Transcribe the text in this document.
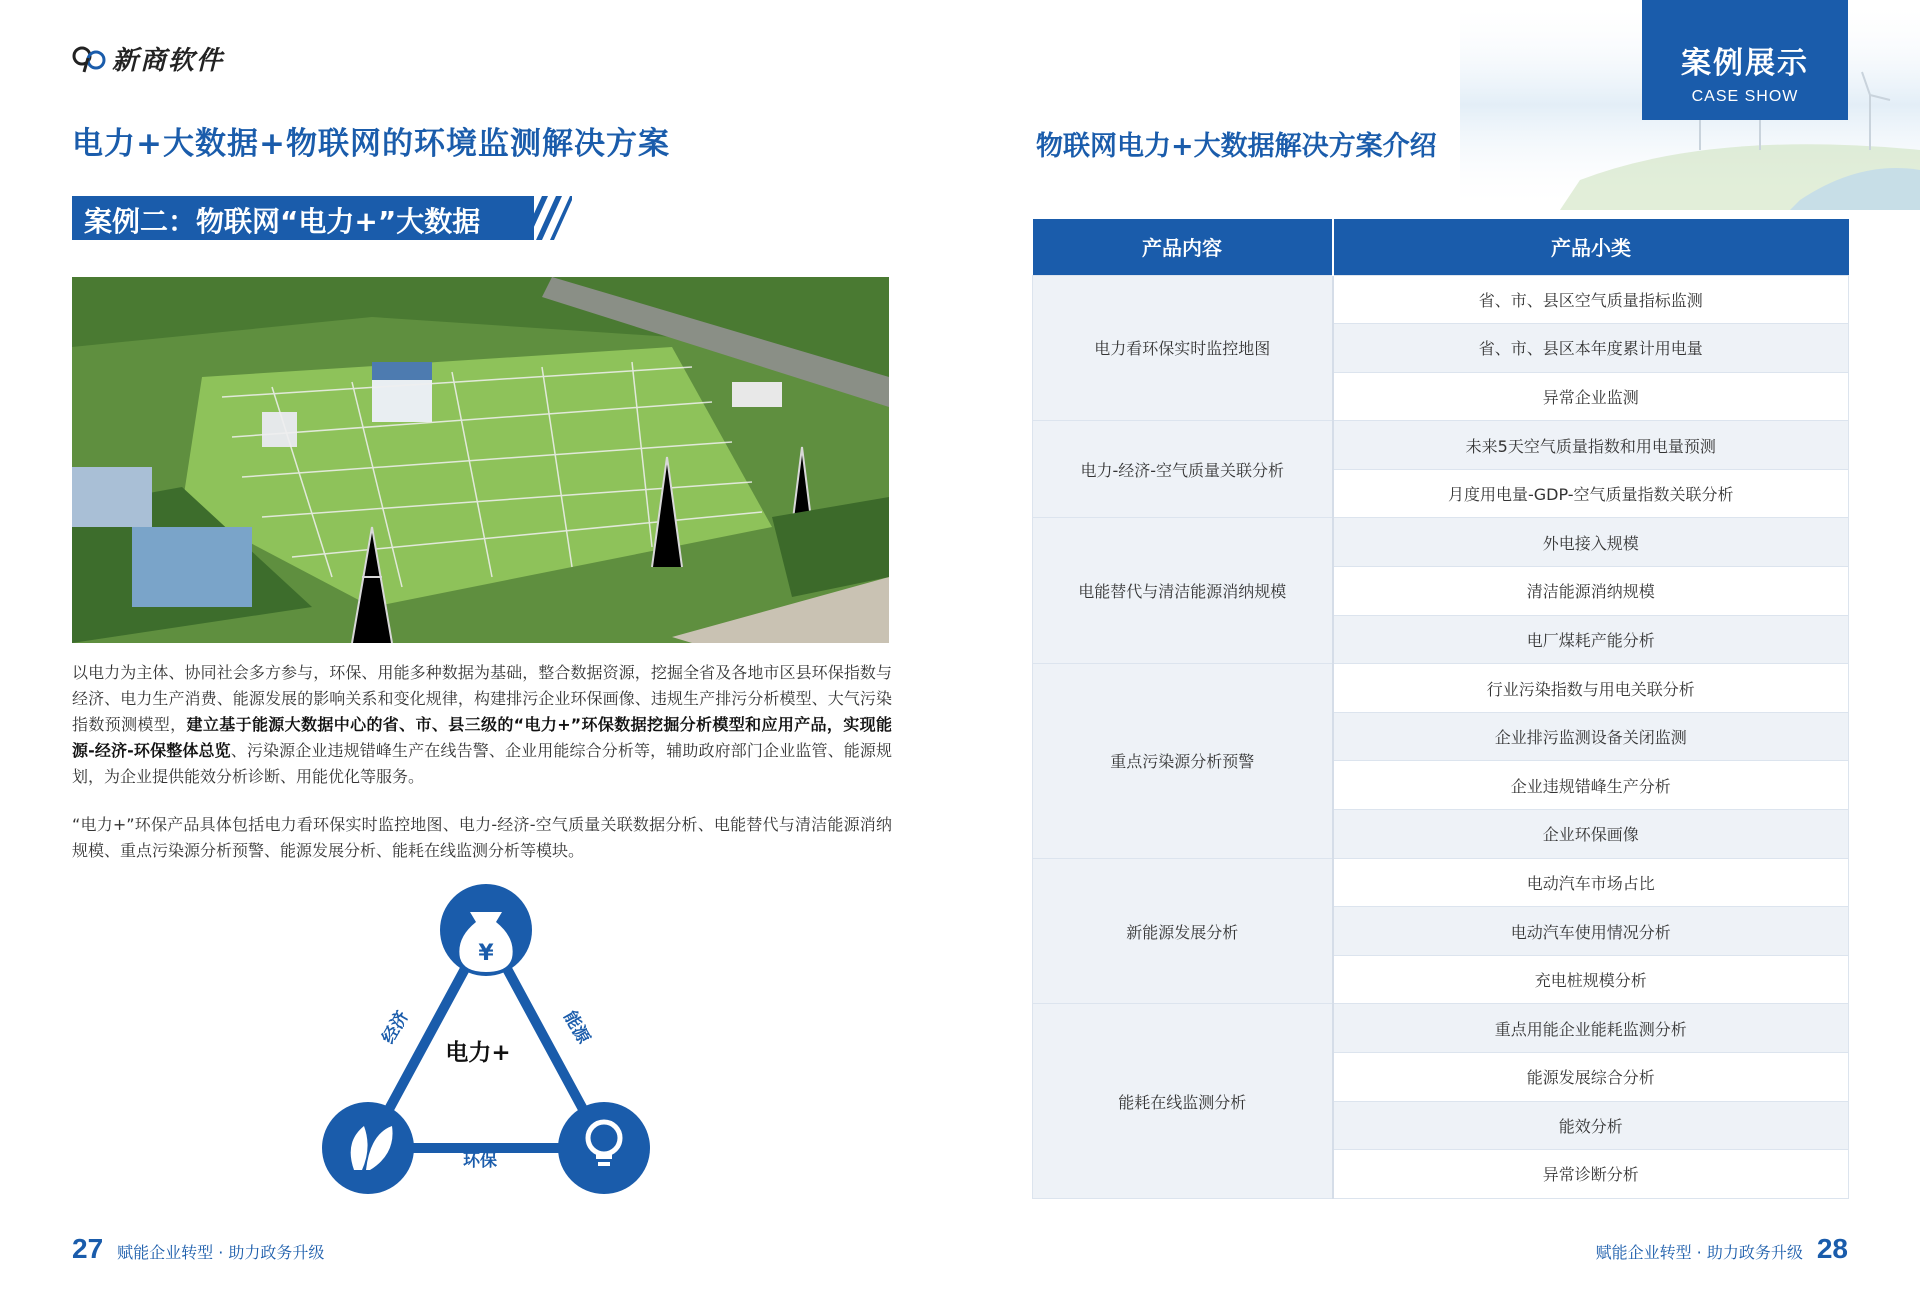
新商软件
电力+大数据+物联网的环境监测解决方案
案例二：物联网“电力+”大数据
以电力为主体、协同社会多方参与，环保、用能多种数据为基础，整合数据资源，挖掘全省及各地市区县环保指数与经济、电力生产消费、能源发展的影响关系和变化规律，构建排污企业环保画像、违规生产排污分析模型、大气污染指数预测模型，建立基于能源大数据中心的省、市、县三级的“电力+”环保数据挖掘分析模型和应用产品，实现能源-经济-环保整体总览、污染源企业违规错峰生产在线告警、企业用能综合分析等，辅助政府部门企业监管、能源规划，为企业提供能效分析诊断、用能优化等服务。
“电力+”环保产品具体包括电力看环保实时监控地图、电力-经济-空气质量关联数据分析、电能替代与清洁能源消纳规模、重点污染源分析预警、能源发展分析、能耗在线监测分析等模块。
¥
电力+
经济	能源
环保
27 赋能企业转型 · 助力政务升级
案例展示
CASE SHOW
物联网电力+大数据解决方案介绍
产品内容	产品小类
电力看环保实时监控地图	省、市、县区空气质量指标监测
	省、市、县区本年度累计用电量
	异常企业监测
电力-经济-空气质量关联分析	未来5天空气质量指数和用电量预测
	月度用电量-GDP-空气质量指数关联分析
电能替代与清洁能源消纳规模	外电接入规模
	清洁能源消纳规模
	电厂煤耗产能分析
重点污染源分析预警	行业污染指数与用电关联分析
	企业排污监测设备关闭监测
	企业违规错峰生产分析
	企业环保画像
新能源发展分析	电动汽车市场占比
	电动汽车使用情况分析
	充电桩规模分析
能耗在线监测分析	重点用能企业能耗监测分析
	能源发展综合分析
	能效分析
	异常诊断分析
赋能企业转型 · 助力政务升级 28
